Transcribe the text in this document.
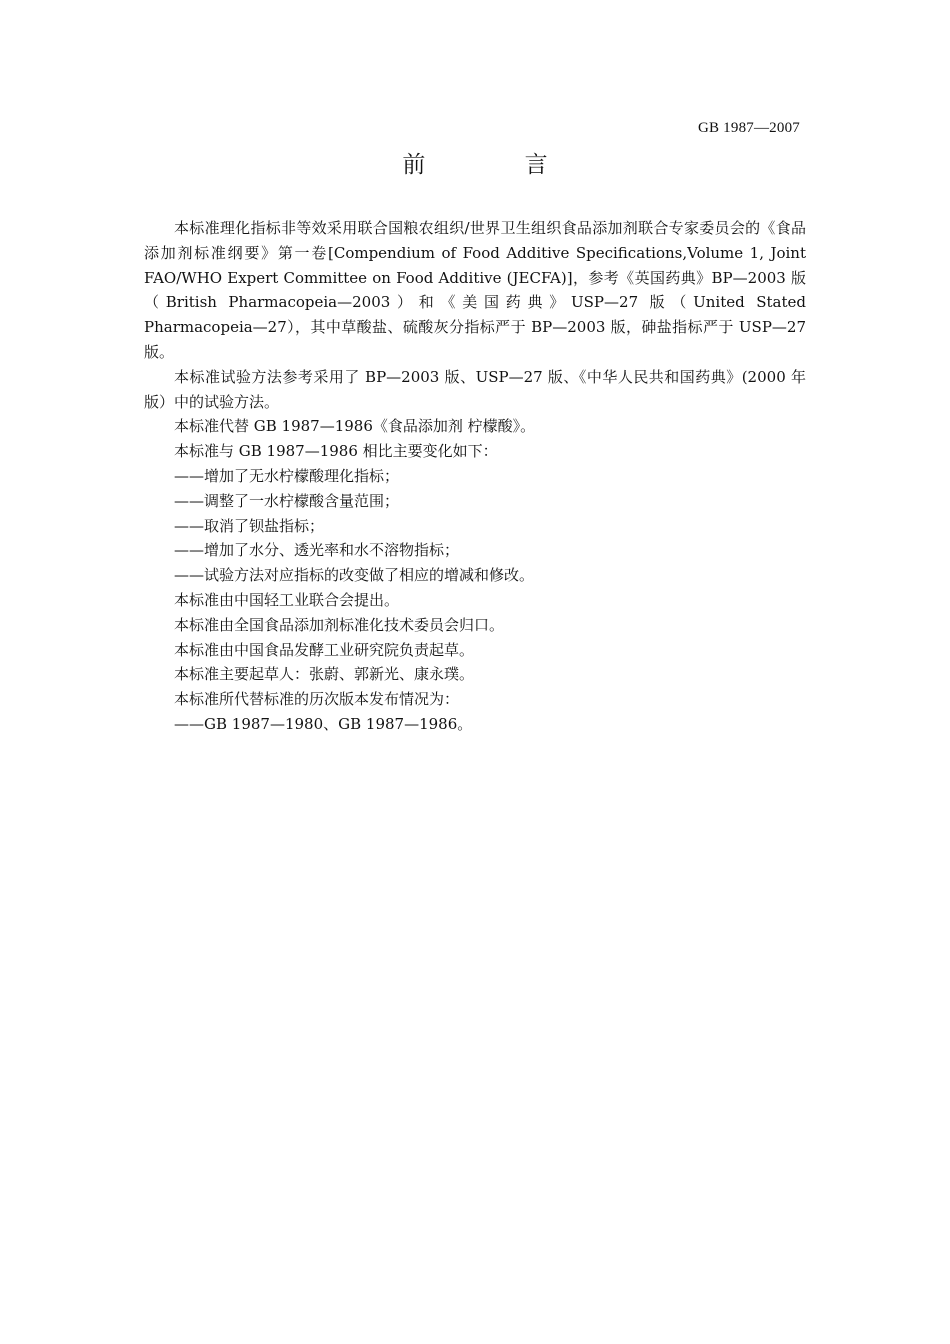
GB 1987—2007
前 言

本标准理化指标非等效采用联合国粮农组织/世界卫生组织食品添加剂联合专家委员会的《食品添加剂标准纲要》第一卷[Compendium of Food Additive Specifications,Volume 1, Joint FAO/WHO Expert Committee on Food Additive (JECFA)]，参考《英国药典》BP—2003 版（British Pharmacopeia—2003）和《美国药典》USP—27 版（United Stated Pharmacopeia—27），其中草酸盐、硫酸灰分指标严于 BP—2003 版，砷盐指标严于 USP—27 版。

本标准试验方法参考采用了 BP—2003 版、USP—27 版、《中华人民共和国药典》(2000 年版）中的试验方法。

本标准代替 GB 1987—1986《食品添加剂 柠檬酸》。

本标准与 GB 1987—1986 相比主要变化如下：

——增加了无水柠檬酸理化指标；

——调整了一水柠檬酸含量范围；

——取消了钡盐指标；

——增加了水分、透光率和水不溶物指标；

——试验方法对应指标的改变做了相应的增减和修改。

本标准由中国轻工业联合会提出。

本标准由全国食品添加剂标准化技术委员会归口。

本标准由中国食品发酵工业研究院负责起草。

本标准主要起草人：张蔚、郭新光、康永璞。

本标准所代替标准的历次版本发布情况为：

——GB 1987—1980、GB 1987—1986。
